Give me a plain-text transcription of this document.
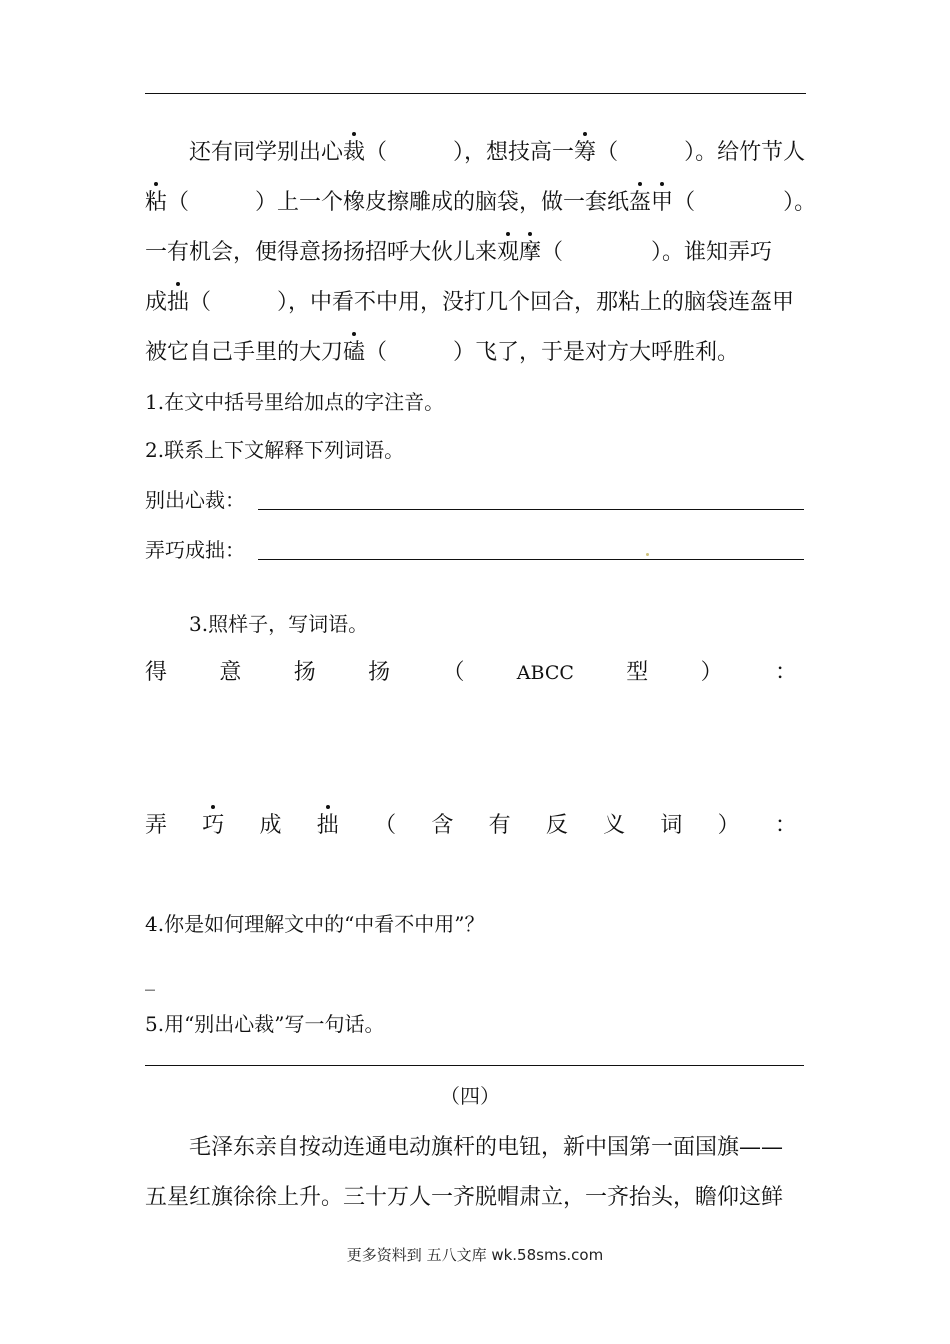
还有同学别出心裁（　　　），想技高一筹（　　　）。给竹节人
粘（　　　）上一个橡皮擦雕成的脑袋，做一套纸盔甲（　　　　）。
一有机会，便得意扬扬招呼大伙儿来观摩（　　　　）。谁知弄巧
成拙（　　　），中看不中用，没打几个回合，那粘上的脑袋连盔甲
被它自己手里的大刀磕（　　　）飞了，于是对方大呼胜利。
1.在文中括号里给加点的字注音。
2.联系上下文解释下列词语。
别出心裁：
弄巧成拙：
3.照样子，写词语。
得 意 扬 扬 （	ABCC 型 ） ：
弄 巧 成 拙 （ 含 有 反 义 词 ） ：
4.你是如何理解文中的“中看不中用”？
_
5.用“别出心裁”写一句话。
（四）
毛泽东亲自按动连通电动旗杆的电钮，新中国第一面国旗——
五星红旗徐徐上升。三十万人一齐脱帽肃立，一齐抬头，瞻仰这鲜
更多资料到 五八文库 wk.58sms.com
